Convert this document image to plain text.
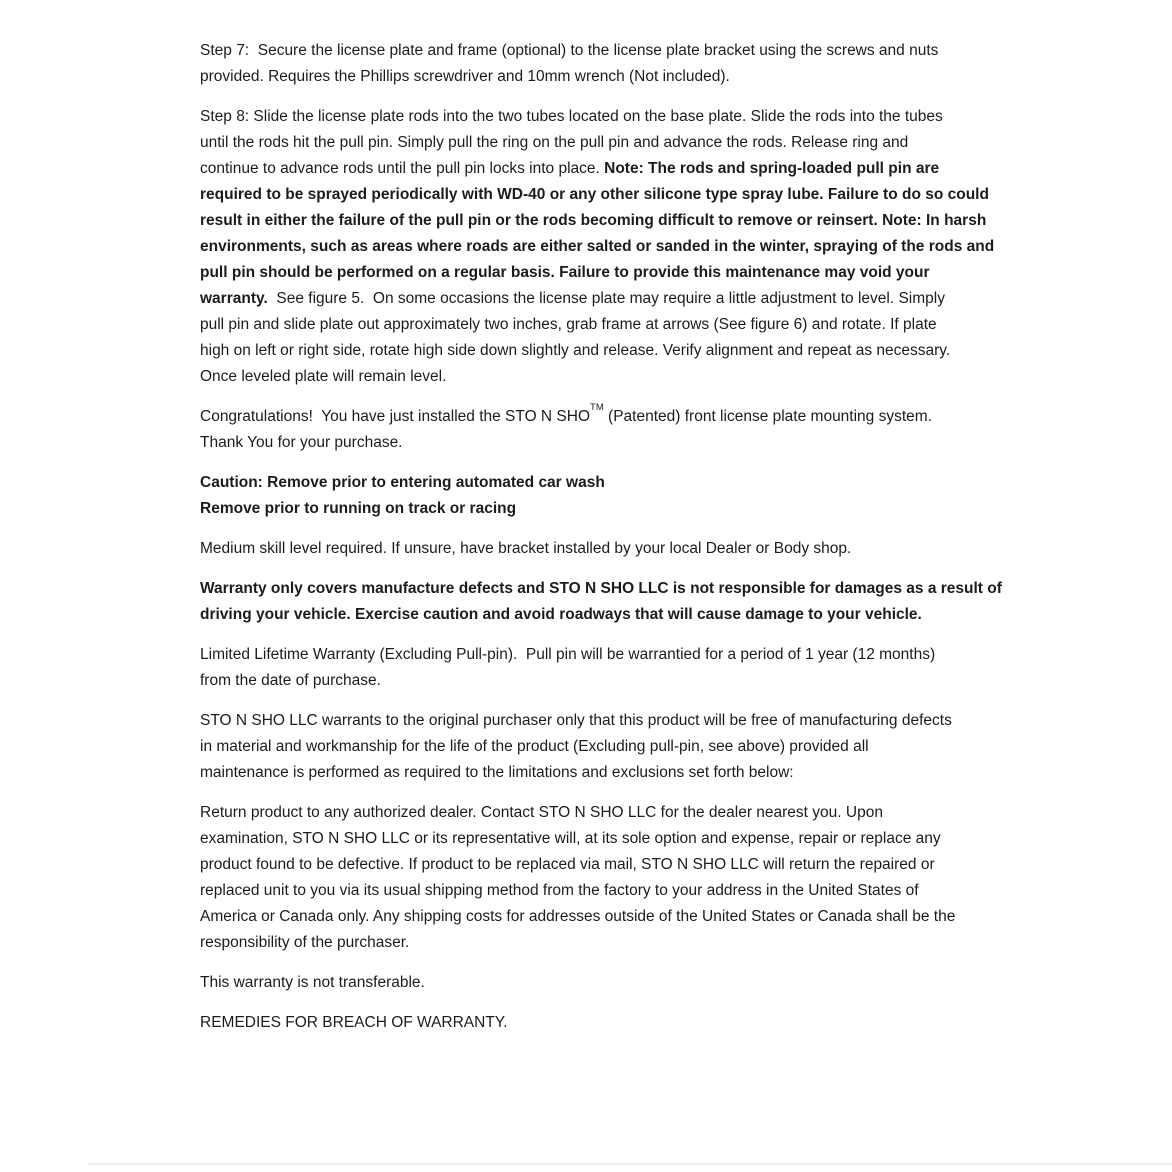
Step 7:  Secure the license plate and frame (optional) to the license plate bracket using the screws and nuts
provided. Requires the Phillips screwdriver and 10mm wrench (Not included).
Step 8: Slide the license plate rods into the two tubes located on the base plate. Slide the rods into the tubes
until the rods hit the pull pin. Simply pull the ring on the pull pin and advance the rods. Release ring and
continue to advance rods until the pull pin locks into place. Note: The rods and spring-loaded pull pin are
required to be sprayed periodically with WD-40 or any other silicone type spray lube. Failure to do so could
result in either the failure of the pull pin or the rods becoming difficult to remove or reinsert. Note: In harsh
environments, such as areas where roads are either salted or sanded in the winter, spraying of the rods and
pull pin should be performed on a regular basis. Failure to provide this maintenance may void your
warranty.  See figure 5.  On some occasions the license plate may require a little adjustment to level. Simply
pull pin and slide plate out approximately two inches, grab frame at arrows (See figure 6) and rotate. If plate
high on left or right side, rotate high side down slightly and release. Verify alignment and repeat as necessary.
Once leveled plate will remain level.
Congratulations!  You have just installed the STO N SHO™ (Patented) front license plate mounting system.
Thank You for your purchase.
Caution: Remove prior to entering automated car wash
Remove prior to running on track or racing
Medium skill level required. If unsure, have bracket installed by your local Dealer or Body shop.
Warranty only covers manufacture defects and STO N SHO LLC is not responsible for damages as a result of
driving your vehicle. Exercise caution and avoid roadways that will cause damage to your vehicle.
Limited Lifetime Warranty (Excluding Pull-pin).  Pull pin will be warrantied for a period of 1 year (12 months)
from the date of purchase.
STO N SHO LLC warrants to the original purchaser only that this product will be free of manufacturing defects
in material and workmanship for the life of the product (Excluding pull-pin, see above) provided all
maintenance is performed as required to the limitations and exclusions set forth below:
Return product to any authorized dealer. Contact STO N SHO LLC for the dealer nearest you. Upon
examination, STO N SHO LLC or its representative will, at its sole option and expense, repair or replace any
product found to be defective. If product to be replaced via mail, STO N SHO LLC will return the repaired or
replaced unit to you via its usual shipping method from the factory to your address in the United States of
America or Canada only. Any shipping costs for addresses outside of the United States or Canada shall be the
responsibility of the purchaser.
This warranty is not transferable.
REMEDIES FOR BREACH OF WARRANTY.
